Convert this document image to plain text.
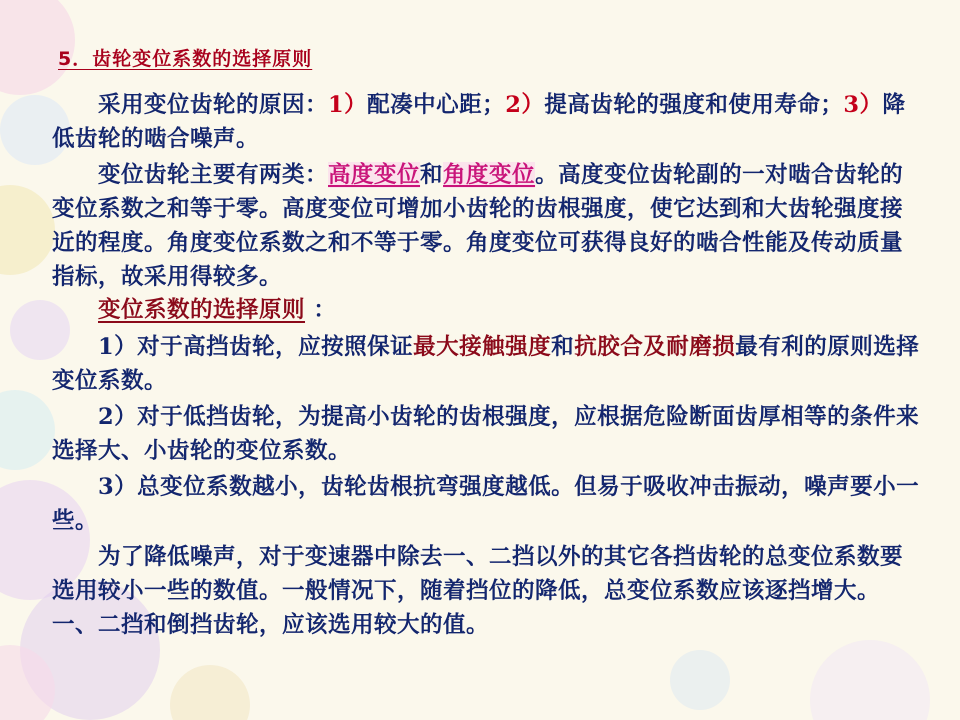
5．齿轮变位系数的选择原则

采用变位齿轮的原因：1）配凑中心距；2）提高齿轮的强度和使用寿命；3）降低齿轮的啮合噪声。

变位齿轮主要有两类：高度变位和角度变位。高度变位齿轮副的一对啮合齿轮的变位系数之和等于零。高度变位可增加小齿轮的齿根强度，使它达到和大齿轮强度接近的程度。角度变位系数之和不等于零。角度变位可获得良好的啮合性能及传动质量指标，故采用得较多。

变位系数的选择原则 ：

1）对于高挡齿轮，应按照保证最大接触强度和抗胶合及耐磨损最有利的原则选择变位系数。

2）对于低挡齿轮，为提高小齿轮的齿根强度，应根据危险断面齿厚相等的条件来选择大、小齿轮的变位系数。

3）总变位系数越小，齿轮齿根抗弯强度越低。但易于吸收冲击振动，噪声要小一些。

为了降低噪声，对于变速器中除去一、二挡以外的其它各挡齿轮的总变位系数要选用较小一些的数值。一般情况下，随着挡位的降低，总变位系数应该逐挡增大。一、二挡和倒挡齿轮，应该选用较大的值。
